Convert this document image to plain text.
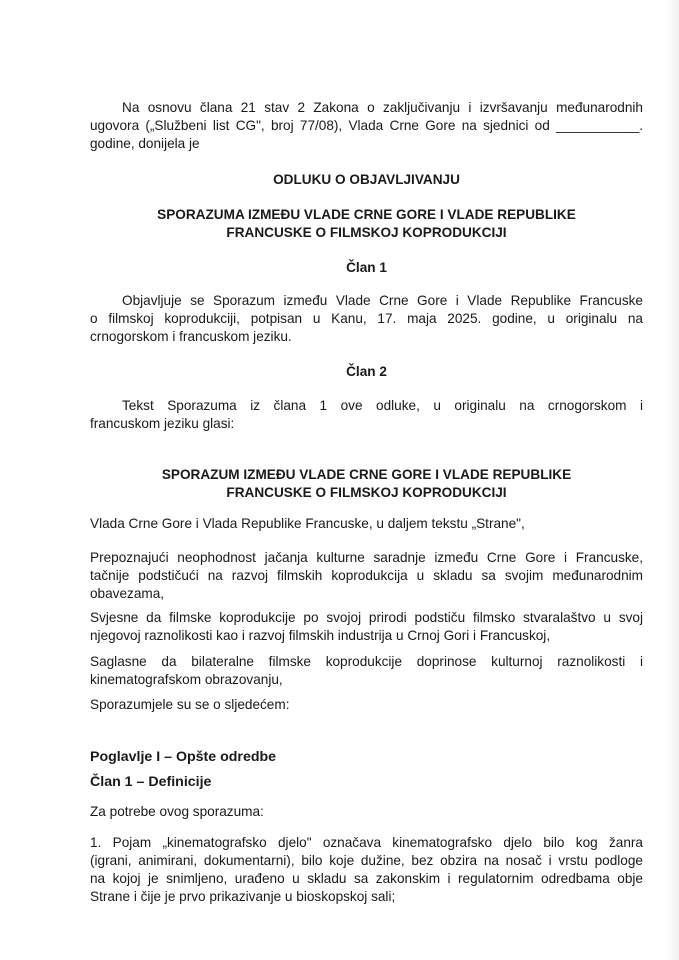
Na osnovu člana 21 stav 2 Zakona o zaključivanju i izvršavanju međunarodnih
ugovora („Službeni list CG", broj 77/08), Vlada Crne Gore na sjednici od ___________.
godine, donijela je
ODLUKU O OBJAVLJIVANJU
SPORAZUMA IZMEĐU VLADE CRNE GORE I VLADE REPUBLIKE
FRANCUSKE O FILMSKOJ KOPRODUKCIJI
Član 1
Objavljuje se Sporazum između Vlade Crne Gore i Vlade Republike Francuske
o filmskoj koprodukciji, potpisan u Kanu, 17. maja 2025. godine, u originalu na
crnogorskom i francuskom jeziku.
Član 2
Tekst Sporazuma iz člana 1 ove odluke, u originalu na crnogorskom i
francuskom jeziku glasi:
SPORAZUM IZMEĐU VLADE CRNE GORE I VLADE REPUBLIKE
FRANCUSKE O FILMSKOJ KOPRODUKCIJI
Vlada Crne Gore i Vlada Republike Francuske, u daljem tekstu „Strane",
Prepoznajući neophodnost jačanja kulturne saradnje između Crne Gore i Francuske,
tačnije podstičući na razvoj filmskih koprodukcija u skladu sa svojim međunarodnim
obavezama,
Svjesne da filmske koprodukcije po svojoj prirodi podstiču filmsko stvaralaštvo u svoj
njegovoj raznolikosti kao i razvoj filmskih industrija u Crnoj Gori i Francuskoj,
Saglasne da bilateralne filmske koprodukcije doprinose kulturnoj raznolikosti i
kinematografskom obrazovanju,
Sporazumjele su se o sljedećem:
Poglavlje I – Opšte odredbe
Član 1 – Definicije
Za potrebe ovog sporazuma:
1. Pojam „kinematografsko djelo" označava kinematografsko djelo bilo kog žanra
(igrani, animirani, dokumentarni), bilo koje dužine, bez obzira na nosač i vrstu podloge
na kojoj je snimljeno, urađeno u skladu sa zakonskim i regulatornim odredbama obje
Strane i čije je prvo prikazivanje u bioskopskoj sali;
